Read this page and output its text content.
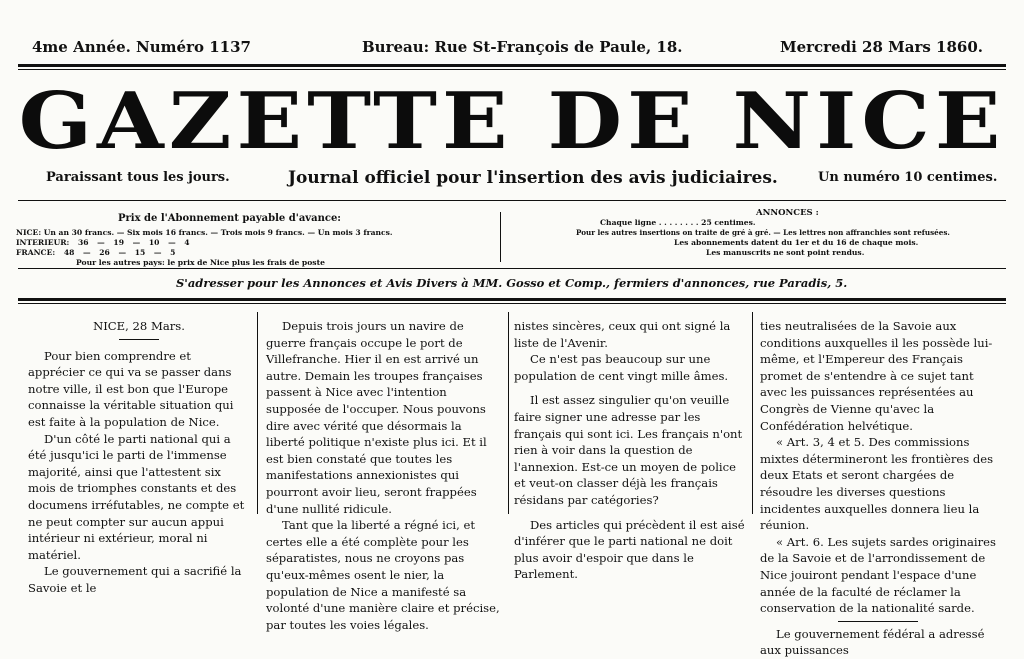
4me Année. Numéro 1137	Bureau: Rue St-François de Paule, 18.	Mercredi 28 Mars 1860.
GAZETTE DE NICE
Paraissant tous les jours.	Journal officiel pour l'insertion des avis judiciaires.	Un numéro 10 centimes.
Prix de l'Abonnement payable d'avance:
NICE: Un an 30 francs. — Six mois 16 francs. — Trois mois 9 francs. — Un mois 3 francs.
INTERIEUR: 36 — 19 — 10 — 4
FRANCE: 48 — 26 — 15 — 5
Pour les autres pays: le prix de Nice plus les frais de poste
ANNONCES :
Chaque ligne . . . . . . . . 25 centimes.
Pour les autres insertions on traite de gré à gré. — Les lettres non affranchies sont refusées.
Les abonnements datent du 1er et du 16 de chaque mois.
Les manuscrits ne sont point rendus.
S'adresser pour les Annonces et Avis Divers à MM. Gosso et Comp., fermiers d'annonces, rue Paradis, 5.

NICE, 28 Mars.

Pour bien comprendre et apprécier ce qui va se passer dans notre ville, il est bon que l'Europe connaisse la véritable situation qui est faite à la population de Nice.

D'un côté le parti national qui a été jusqu'ici le parti de l'immense majorité, ainsi que l'attestent six mois de triomphes constants et des documens irréfutables, ne compte et ne peut compter sur aucun appui intérieur ni extérieur, moral ni matériel.

Le gouvernement qui a sacrifié la Savoie et le

Depuis trois jours un navire de guerre français occupe le port de Villefranche. Hier il en est arrivé un autre. Demain les troupes françaises passent à Nice avec l'intention supposée de l'occuper. Nous pouvons dire avec vérité que désormais la liberté politique n'existe plus ici. Et il est bien constaté que toutes les manifestations annexionistes qui pourront avoir lieu, seront frappées d'une nullité ridicule.

Tant que la liberté a régné ici, et certes elle a été complète pour les séparatistes, nous ne croyons pas qu'eux-mêmes osent le nier, la population de Nice a manifesté sa volonté d'une manière claire et précise, par toutes les voies légales.

nistes sincères, ceux qui ont signé la liste de l'Avenir.

Ce n'est pas beaucoup sur une population de cent vingt mille âmes.

Il est assez singulier qu'on veuille faire signer une adresse par les français qui sont ici. Les français n'ont rien à voir dans la question de l'annexion. Est-ce un moyen de police et veut-on classer déjà les français résidans par catégories?

Des articles qui précèdent il est aisé d'inférer que le parti national ne doit plus avoir d'espoir que dans le Parlement.

ties neutralisées de la Savoie aux conditions auxquelles il les possède lui-même, et l'Empereur des Français promet de s'entendre à ce sujet tant avec les puissances représentées au Congrès de Vienne qu'avec la Confédération helvétique.

« Art. 3, 4 et 5. Des commissions mixtes détermineront les frontières des deux Etats et seront chargées de résoudre les diverses questions incidentes auxquelles donnera lieu la réunion.

« Art. 6. Les sujets sardes originaires de la Savoie et de l'arrondissement de Nice jouiront pendant l'espace d'une année de la faculté de réclamer la conservation de la nationalité sarde.

Le gouvernement fédéral a adressé aux puissances
